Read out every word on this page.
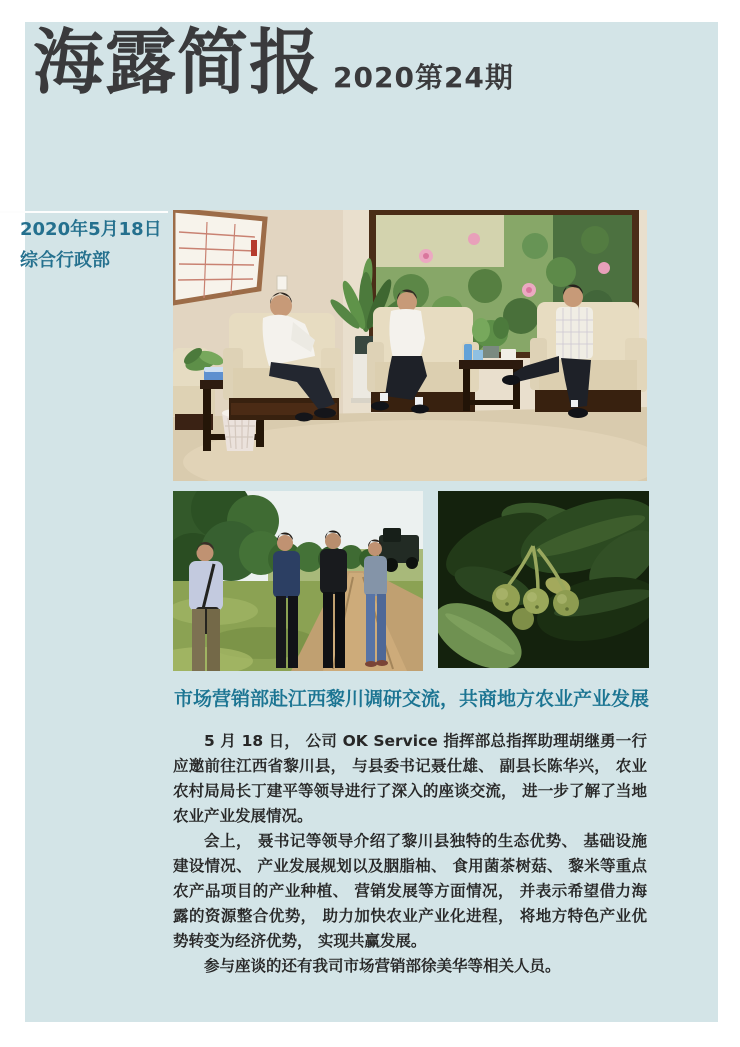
海露简报 2020第24期
2020年5月18日
综合行政部
市场营销部赴江西黎川调研交流，共商地方农业产业发展

5 月 18 日， 公司 OK Service 指挥部总指挥助理胡继勇一行应邀前往江西省黎川县， 与县委书记聂仕雄、 副县长陈华兴， 农业农村局局长丁建平等领导进行了深入的座谈交流， 进一步了解了当地农业产业发展情况。

会上， 聂书记等领导介绍了黎川县独特的生态优势、 基础设施建设情况、 产业发展规划以及胭脂柚、 食用菌茶树菇、 黎米等重点农产品项目的产业种植、 营销发展等方面情况， 并表示希望借力海露的资源整合优势， 助力加快农业产业化进程， 将地方特色产业优势转变为经济优势， 实现共赢发展。

参与座谈的还有我司市场营销部徐美华等相关人员。
